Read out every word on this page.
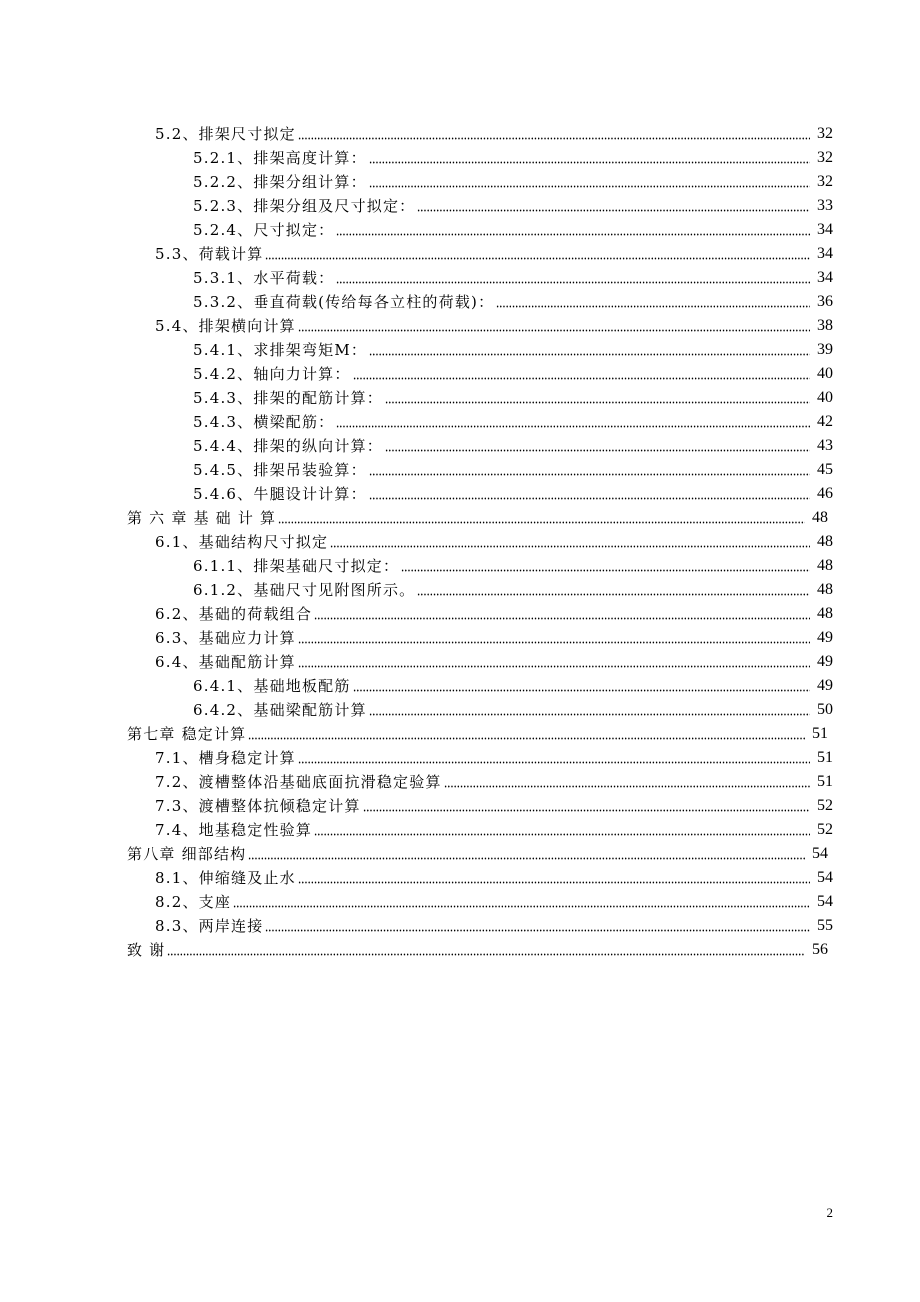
5.2、排架尺寸拟定	32
5.2.1、排架高度计算：	32
5.2.2、排架分组计算：	32
5.2.3、排架分组及尺寸拟定：	33
5.2.4、尺寸拟定：	34
5.3、荷载计算	34
5.3.1、水平荷载：	34
5.3.2、垂直荷载(传给每各立柱的荷载)：	36
5.4、排架横向计算	38
5.4.1、求排架弯矩M：	39
5.4.2、轴向力计算：	40
5.4.3、排架的配筋计算：	40
5.4.3、横梁配筋：	42
5.4.4、排架的纵向计算：	43
5.4.5、排架吊装验算：	45
5.4.6、牛腿设计计算：	46
第 六 章 基 础 计 算	48
6.1、基础结构尺寸拟定	48
6.1.1、排架基础尺寸拟定：	48
6.1.2、基础尺寸见附图所示。	48
6.2、基础的荷载组合	48
6.3、基础应力计算	49
6.4、基础配筋计算	49
6.4.1、基础地板配筋	49
6.4.2、基础梁配筋计算	50
第七章 稳定计算	51
7.1、槽身稳定计算	51
7.2、渡槽整体沿基础底面抗滑稳定验算	51
7.3、渡槽整体抗倾稳定计算	52
7.4、地基稳定性验算	52
第八章 细部结构	54
8.1、伸缩缝及止水	54
8.2、支座	54
8.3、两岸连接	55
致 谢	56
2
